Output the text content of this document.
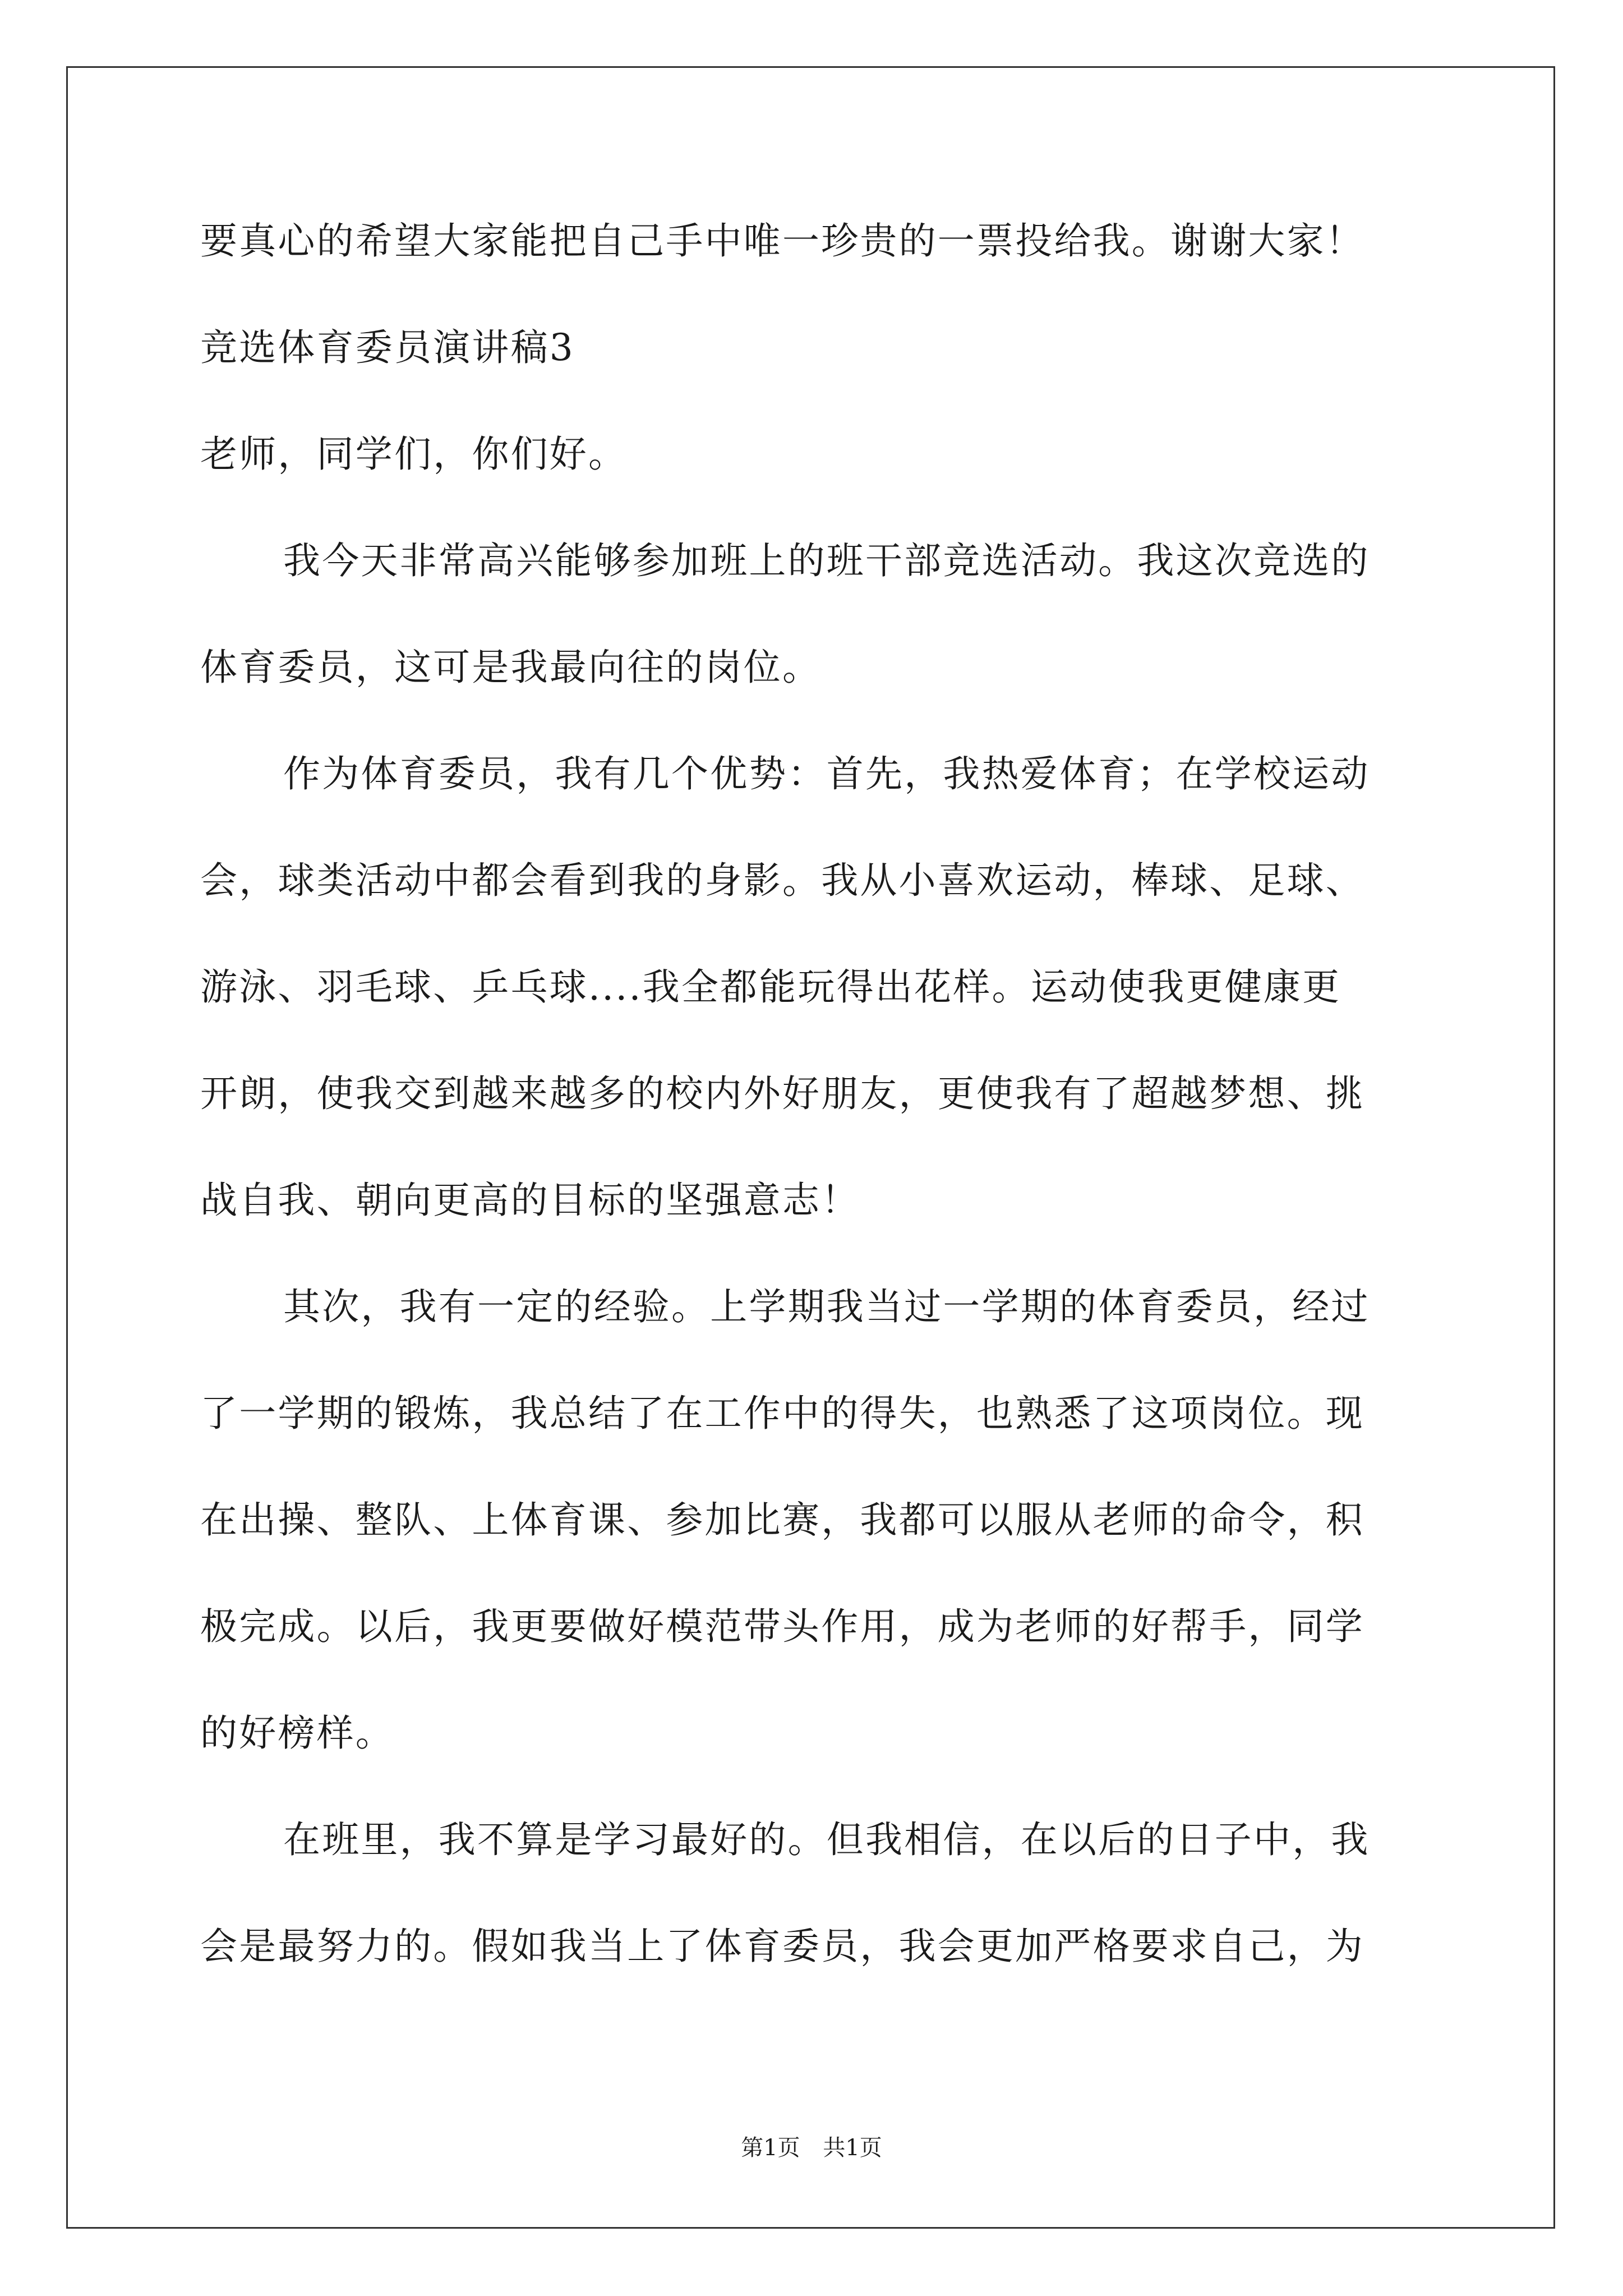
要真心的希望大家能把自己手中唯一珍贵的一票投给我。谢谢大家！
竞选体育委员演讲稿3
老师，同学们，你们好。
我今天非常高兴能够参加班上的班干部竞选活动。我这次竞选的
体育委员，这可是我最向往的岗位。
作为体育委员，我有几个优势：首先，我热爱体育；在学校运动
会，球类活动中都会看到我的身影。我从小喜欢运动，棒球、足球、
游泳、羽毛球、乒乓球....我全都能玩得出花样。运动使我更健康更
开朗，使我交到越来越多的校内外好朋友，更使我有了超越梦想、挑
战自我、朝向更高的目标的坚强意志！
其次，我有一定的经验。上学期我当过一学期的体育委员，经过
了一学期的锻炼，我总结了在工作中的得失，也熟悉了这项岗位。现
在出操、整队、上体育课、参加比赛，我都可以服从老师的命令，积
极完成。以后，我更要做好模范带头作用，成为老师的好帮手，同学
的好榜样。
在班里，我不算是学习最好的。但我相信，在以后的日子中，我
会是最努力的。假如我当上了体育委员，我会更加严格要求自己，为
第1页 共1页
